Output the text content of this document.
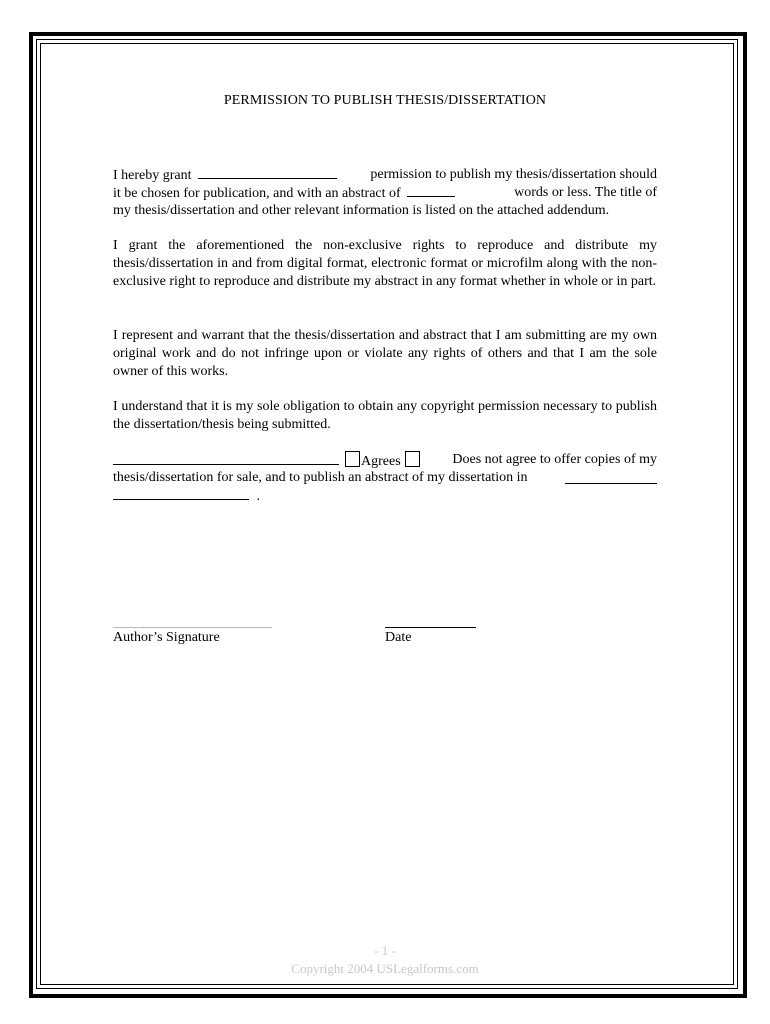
PERMISSION TO PUBLISH THESIS/DISSERTATION
I hereby grant	permission to publish my thesis/dissertation should
it be chosen for publication, and with an abstract of	words or less. The title of
my thesis/dissertation and other relevant information is listed on the attached addendum.

I grant the aforementioned the non-exclusive rights to reproduce and distribute my thesis/dissertation in and from digital format, electronic format or microfilm along with the non-exclusive right to reproduce and distribute my abstract in any format whether in whole or in part.

I represent and warrant that the thesis/dissertation and abstract that I am submitting are my own original work and do not infringe upon or violate any rights of others and that I am the sole owner of this works.

I understand that it is my sole obligation to obtain any copyright permission necessary to publish the dissertation/thesis being submitted.

Agrees	Does not agree to offer copies of my
thesis/dissertation for sale, and to publish an abstract of my dissertation in
.
Author’s Signature	Date
- 1 -
Copyright 2004 USLegalforms.com
